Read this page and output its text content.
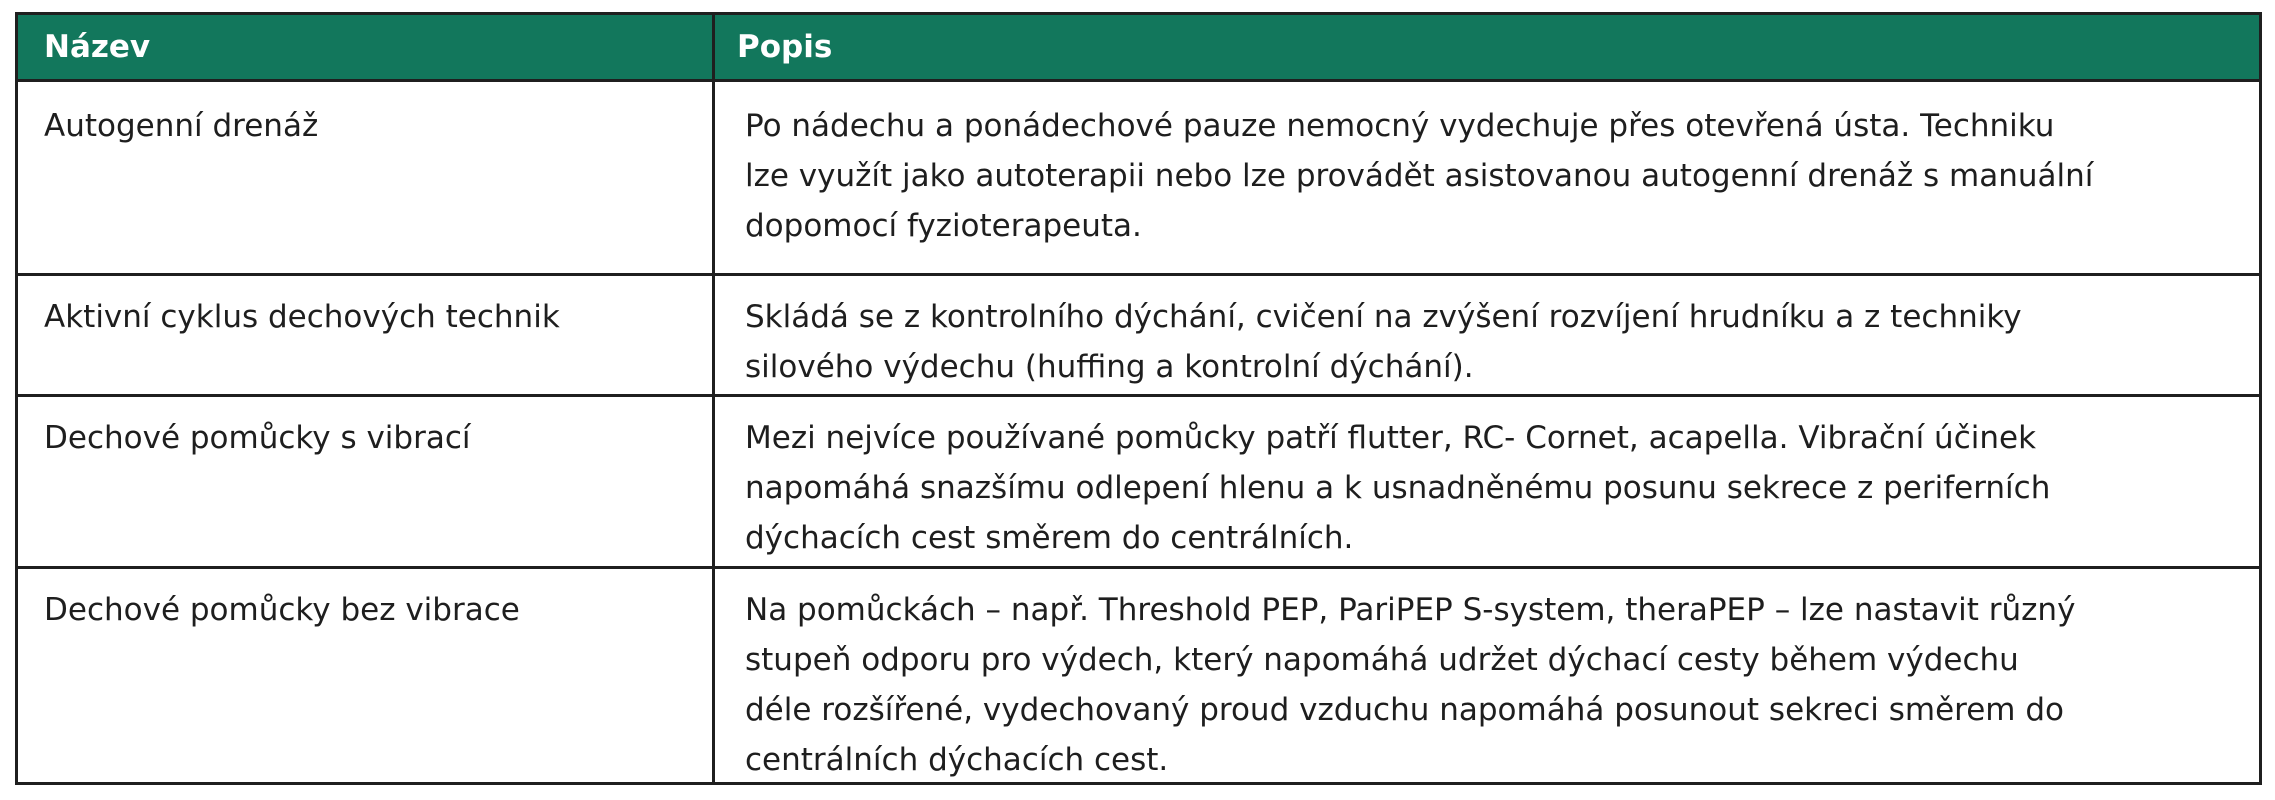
Název	Popis
Autogenní drenáž	Po nádechu a ponádechové pauze nemocný vydechuje přes otevřená ústa. Techniku
lze využít jako autoterapii nebo lze provádět asistovanou autogenní drenáž s manuální
dopomocí fyzioterapeuta.
Aktivní cyklus dechových technik	Skládá se z kontrolního dýchání, cvičení na zvýšení rozvíjení hrudníku a z techniky
silového výdechu (huffing a kontrolní dýchání).
Dechové pomůcky s vibrací	Mezi nejvíce používané pomůcky patří flutter, RC- Cornet, acapella. Vibrační účinek
napomáhá snazšímu odlepení hlenu a k usnadněnému posunu sekrece z periferních
dýchacích cest směrem do centrálních.
Dechové pomůcky bez vibrace	Na pomůckách – např. Threshold PEP, PariPEP S-system, theraPEP – lze nastavit různý
stupeň odporu pro výdech, který napomáhá udržet dýchací cesty během výdechu
déle rozšířené, vydechovaný proud vzduchu napomáhá posunout sekreci směrem do
centrálních dýchacích cest.
